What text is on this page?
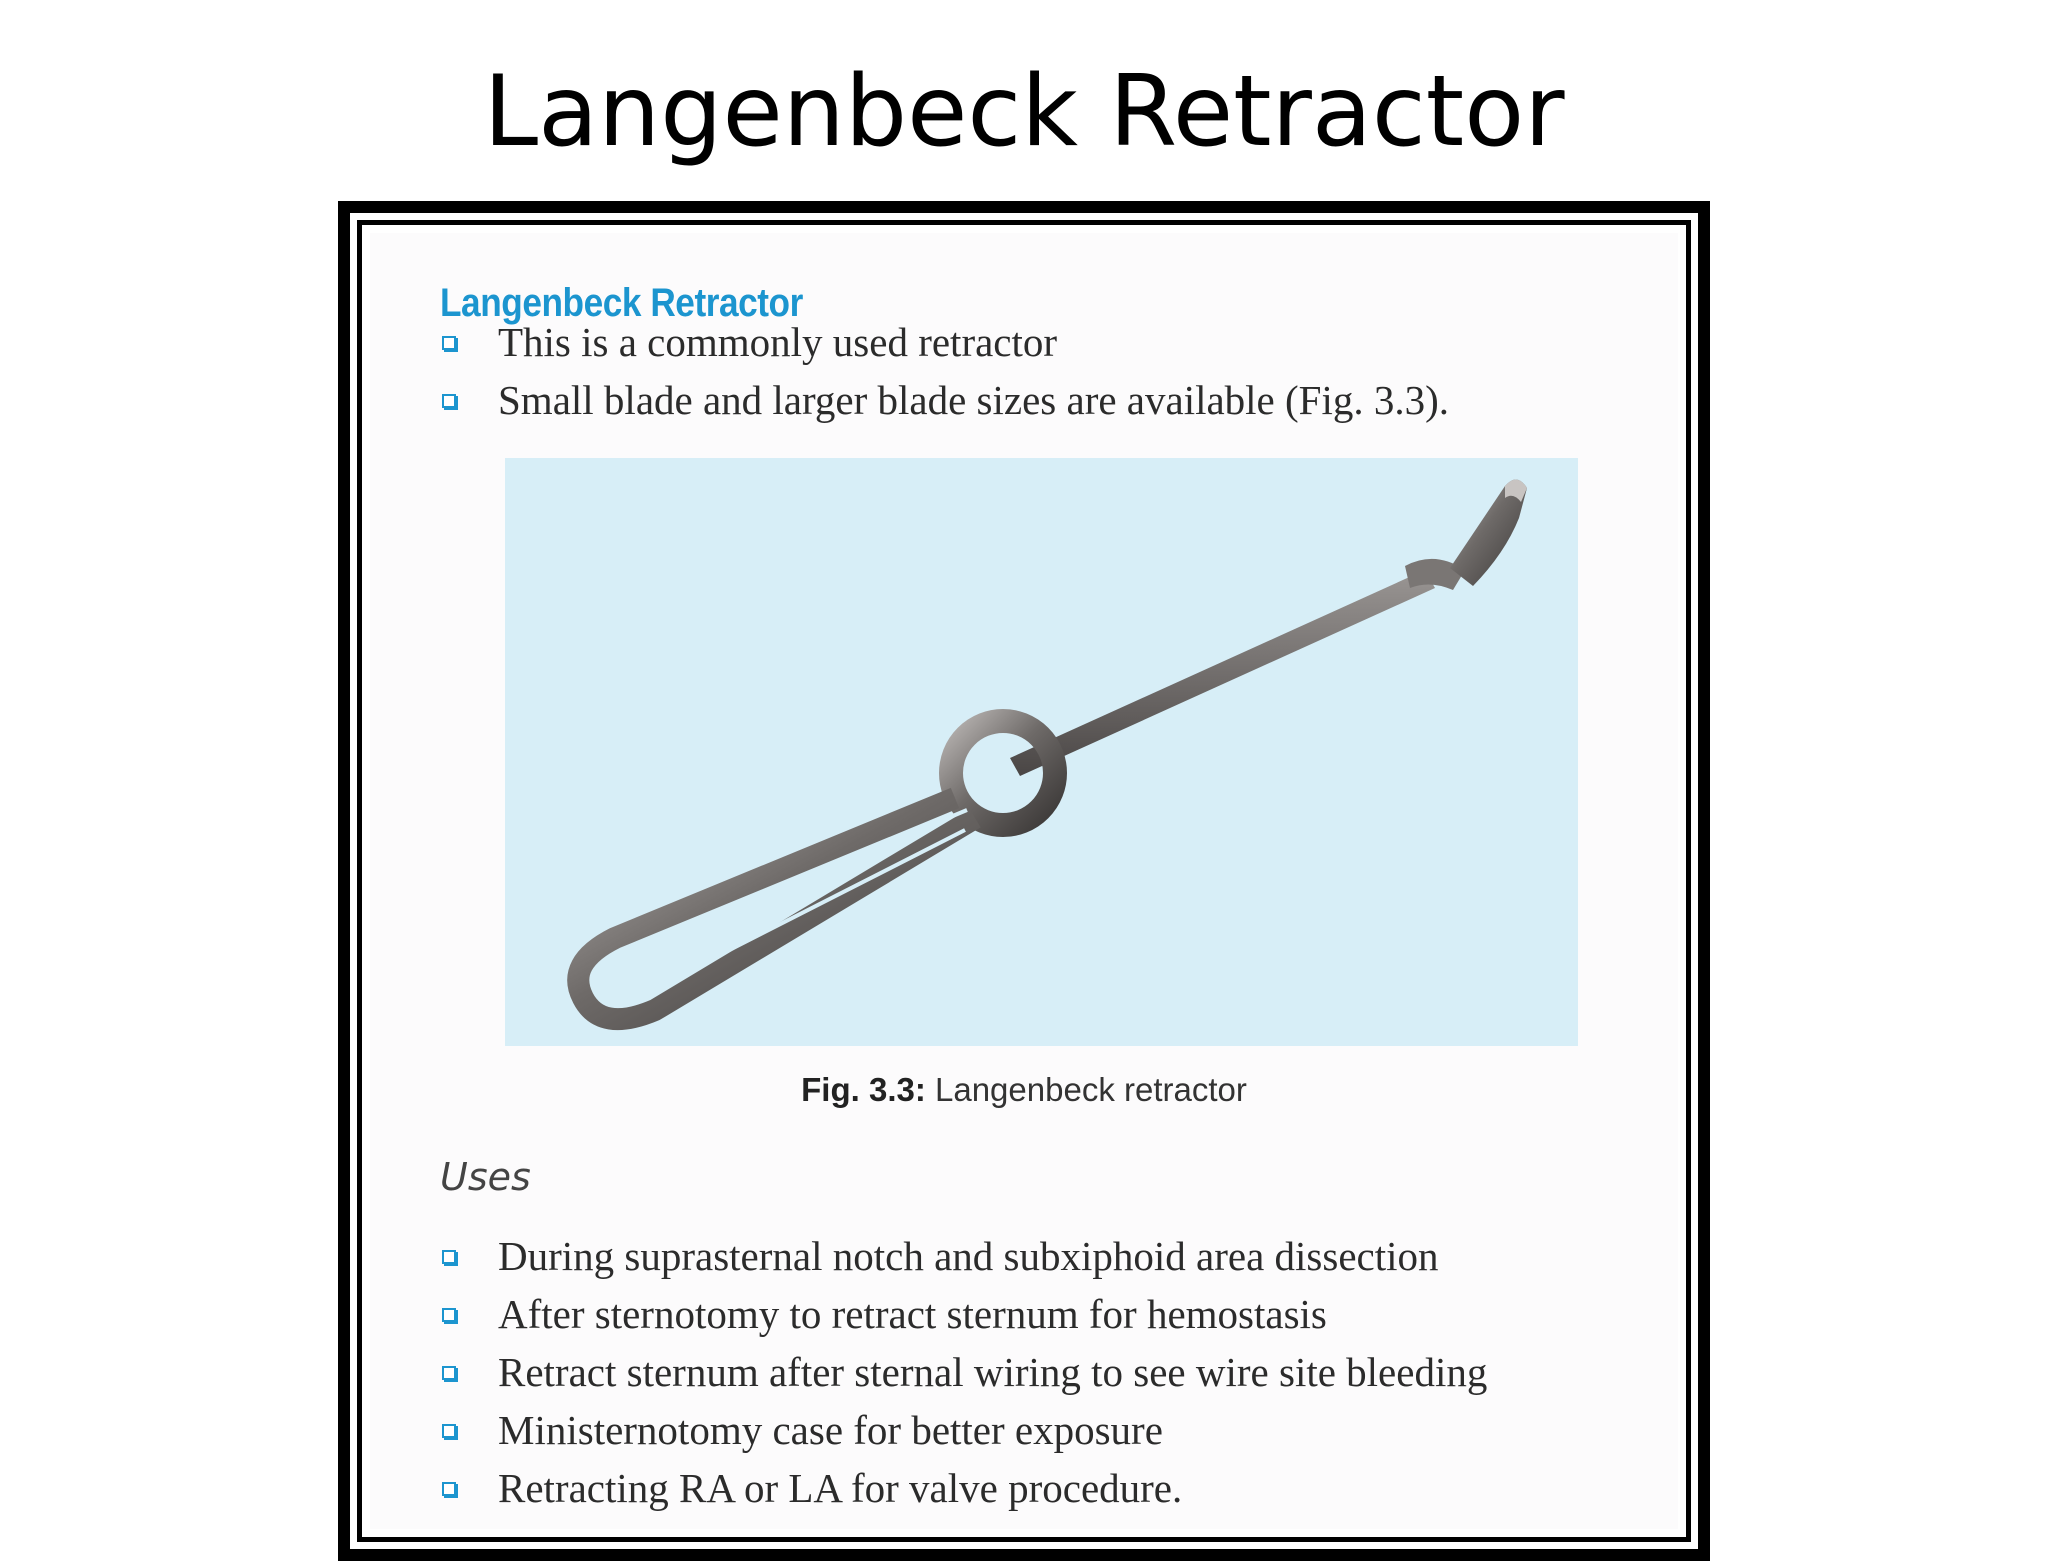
Langenbeck Retractor
Langenbeck Retractor
This is a commonly used retractor
Small blade and larger blade sizes are available (Fig. 3.3).
Fig. 3.3: Langenbeck retractor
Uses
During suprasternal notch and subxiphoid area dissection
After sternotomy to retract sternum for hemostasis
Retract sternum after sternal wiring to see wire site bleeding
Ministernotomy case for better exposure
Retracting RA or LA for valve procedure.
